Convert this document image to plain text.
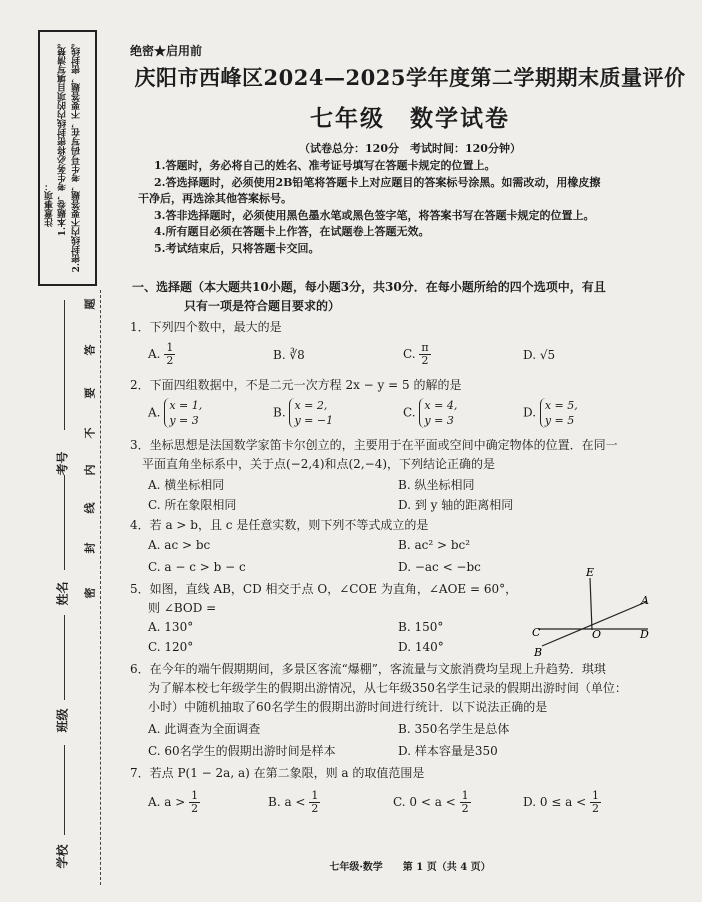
注意事项： 1.本题卷，考生务必将密封线内的项目填写清楚。 2.密封线内不要答题，考生号码写在，不要答题，密封线。
题
答
要
不
内
线
封
密
考号
姓名
班级
学校
绝密★启用前
庆阳市西峰区2024—2025学年度第二学期期末质量评价
七年级　数学试卷
（试卷总分：120分　考试时间：120分钟）
1.答题时，务必将自己的姓名、准考证号填写在答题卡规定的位置上。
2.答选择题时，必须使用2B铅笔将答题卡上对应题目的答案标号涂黑。如需改动，用橡皮擦
干净后，再选涂其他答案标号。
3.答非选择题时，必须使用黑色墨水笔或黑色签字笔，将答案书写在答题卡规定的位置上。
4.所有题目必须在答题卡上作答，在试题卷上答题无效。
5.考试结束后，只将答题卡交回。
一、选择题（本大题共10小题，每小题3分，共30分．在每小题所给的四个选项中，有且
只有一项是符合题目要求的）
1．下列四个数中，最大的是
A. $\frac{1}{2}$	B. ∛8	C. $\frac{\pi}{2}$	D. √5
2．下面四组数据中，不是二元一次方程 2x − y = 5 的解的是
A. x = 1,
y = 3
B. x = 2,
y = −1
C. x = 4,
y = 3
D. x = 5,
y = 5
3．坐标思想是法国数学家笛卡尔创立的，主要用于在平面或空间中确定物体的位置．在同一
平面直角坐标系中，关于点(−2,4)和点(2,−4)，下列结论正确的是
A. 横坐标相同	B. 纵坐标相同
C. 所在象限相同	D. 到 y 轴的距离相同
4．若 a > b，且 c 是任意实数，则下列不等式成立的是
A. ac > bc	B. ac² > bc²
C. a − c > b − c	D. −ac < −bc
5．如图，直线 AB，CD 相交于点 O，∠COE 为直角，∠AOE = 60°，
则 ∠BOD =
A. 130°	B. 150°
C. 120°	D. 140°
6．在今年的端午假期期间，多景区客流“爆棚”，客流量与文旅消费均呈现上升趋势．琪琪
为了解本校七年级学生的假期出游情况，从七年级350名学生记录的假期出游时间（单位：
小时）中随机抽取了60名学生的假期出游时间进行统计．以下说法正确的是
A. 此调查为全面调查	B. 350名学生是总体
C. 60名学生的假期出游时间是样本	D. 样本容量是350
7．若点 P(1 − 2a, a) 在第二象限，则 a 的取值范围是
A. $a > \frac{1}{2}$	B. $a < \frac{1}{2}$	C. $0 < a < \frac{1}{2}$	D. $0 \le a < \frac{1}{2}$
七年级·数学　　第 1 页（共 4 页）
E
A
C	O	D
B
